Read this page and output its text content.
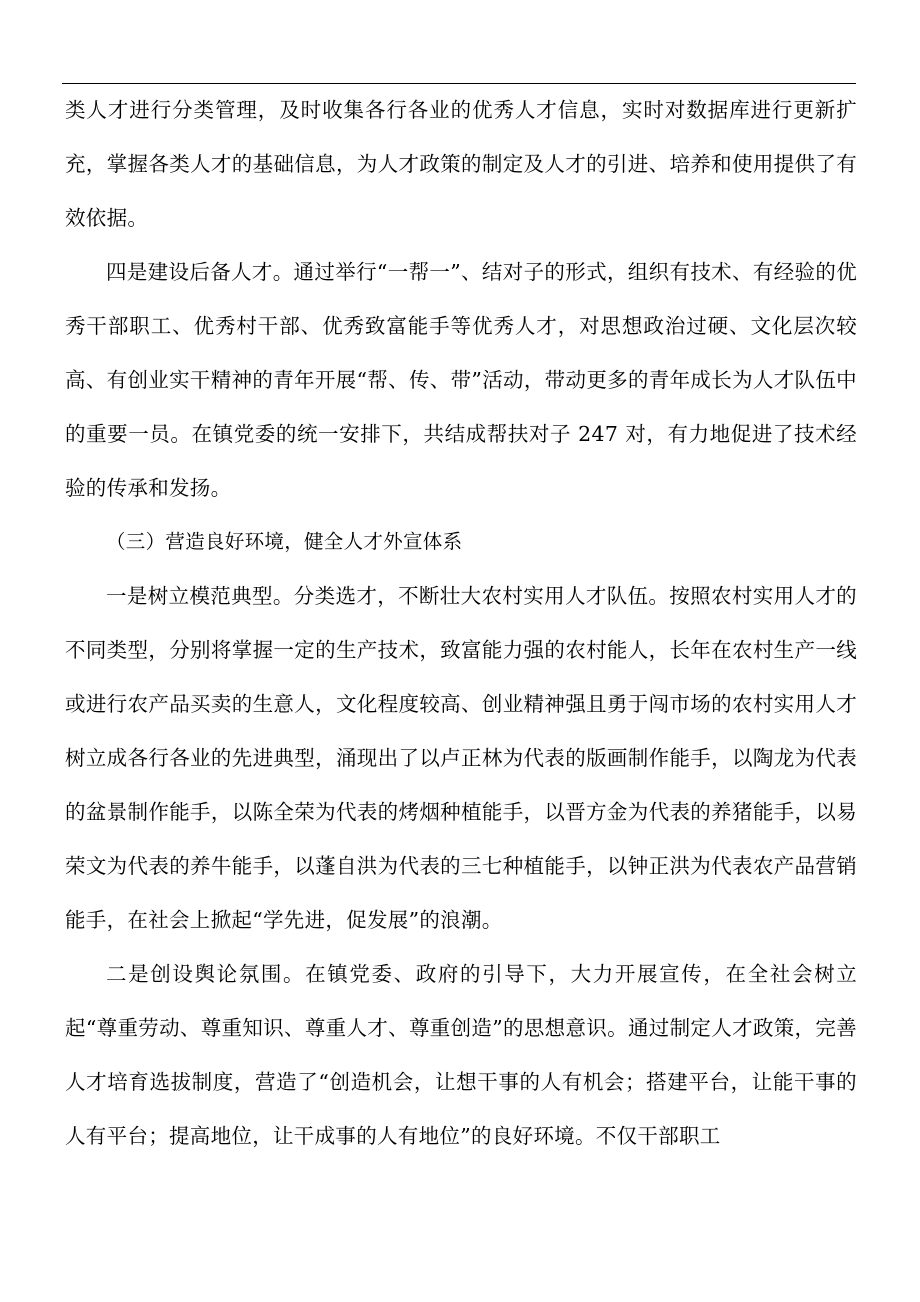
类人才进行分类管理，及时收集各行各业的优秀人才信息，实时对数据库进行更新扩充，掌握各类人才的基础信息，为人才政策的制定及人才的引进、培养和使用提供了有效依据。

四是建设后备人才。通过举行“一帮一”、结对子的形式，组织有技术、有经验的优秀干部职工、优秀村干部、优秀致富能手等优秀人才，对思想政治过硬、文化层次较高、有创业实干精神的青年开展“帮、传、带”活动，带动更多的青年成长为人才队伍中的重要一员。在镇党委的统一安排下，共结成帮扶对子 247 对，有力地促进了技术经验的传承和发扬。

（三）营造良好环境，健全人才外宣体系

一是树立模范典型。分类选才，不断壮大农村实用人才队伍。按照农村实用人才的不同类型，分别将掌握一定的生产技术，致富能力强的农村能人，长年在农村生产一线或进行农产品买卖的生意人，文化程度较高、创业精神强且勇于闯市场的农村实用人才树立成各行各业的先进典型，涌现出了以卢正林为代表的版画制作能手，以陶龙为代表的盆景制作能手，以陈全荣为代表的烤烟种植能手，以晋方金为代表的养猪能手，以易荣文为代表的养牛能手，以蓬自洪为代表的三七种植能手，以钟正洪为代表农产品营销能手，在社会上掀起“学先进，促发展”的浪潮。

二是创设舆论氛围。在镇党委、政府的引导下，大力开展宣传，在全社会树立起“尊重劳动、尊重知识、尊重人才、尊重创造”的思想意识。通过制定人才政策，完善人才培育选拔制度，营造了“创造机会，让想干事的人有机会；搭建平台，让能干事的人有平台；提高地位，让干成事的人有地位”的良好环境。不仅干部职工
